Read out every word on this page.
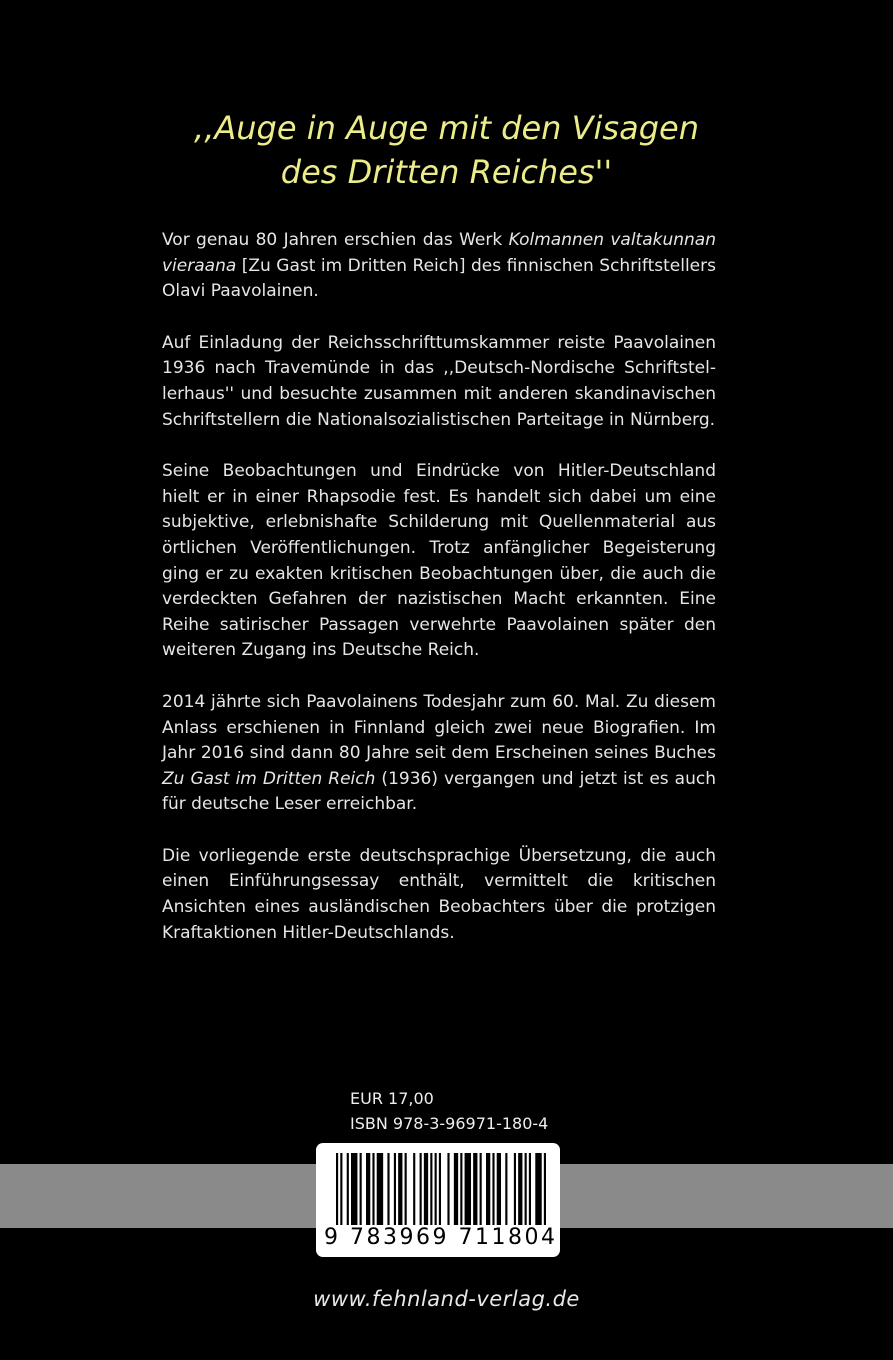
,,Auge in Auge mit den Visagen
des Dritten Reiches''

Vor genau 80 Jahren erschien das Werk Kolmannen valtakunnan vieraana [Zu Gast im Dritten Reich] des finnischen Schriftstellers Olavi Paavolainen.

Auf Einladung der Reichsschrifttumskammer reiste Paavolainen 1936 nach Travemünde in das ,,Deutsch-Nordische Schriftstellerhaus'' und besuchte zusammen mit anderen skandinavischen Schriftstellern die Nationalsozialistischen Parteitage in Nürnberg.

Seine Beobachtungen und Eindrücke von Hitler-Deutschland hielt er in einer Rhapsodie fest. Es handelt sich dabei um eine subjektive, erlebnishafte Schilderung mit Quellenmaterial aus örtlichen Veröffentlichungen. Trotz anfänglicher Begeisterung ging er zu exakten kritischen Beobachtungen über, die auch die verdeckten Gefahren der nazistischen Macht erkannten. Eine Reihe satirischer Passagen verwehrte Paavolainen später den weiteren Zugang ins Deutsche Reich.

2014 jährte sich Paavolainens Todesjahr zum 60. Mal. Zu diesem Anlass erschienen in Finnland gleich zwei neue Biografien. Im Jahr 2016 sind dann 80 Jahre seit dem Erscheinen seines Buches Zu Gast im Dritten Reich (1936) vergangen und jetzt ist es auch für deutsche Leser erreichbar.

Die vorliegende erste deutschsprachige Übersetzung, die auch einen Einführungsessay enthält, vermittelt die kritischen Ansichten eines ausländischen Beobachters über die protzigen Kraftaktionen Hitler-Deutschlands.

EUR 17,00
ISBN 978-3-96971-180-4
9 783969 711804
www.fehnland-verlag.de
